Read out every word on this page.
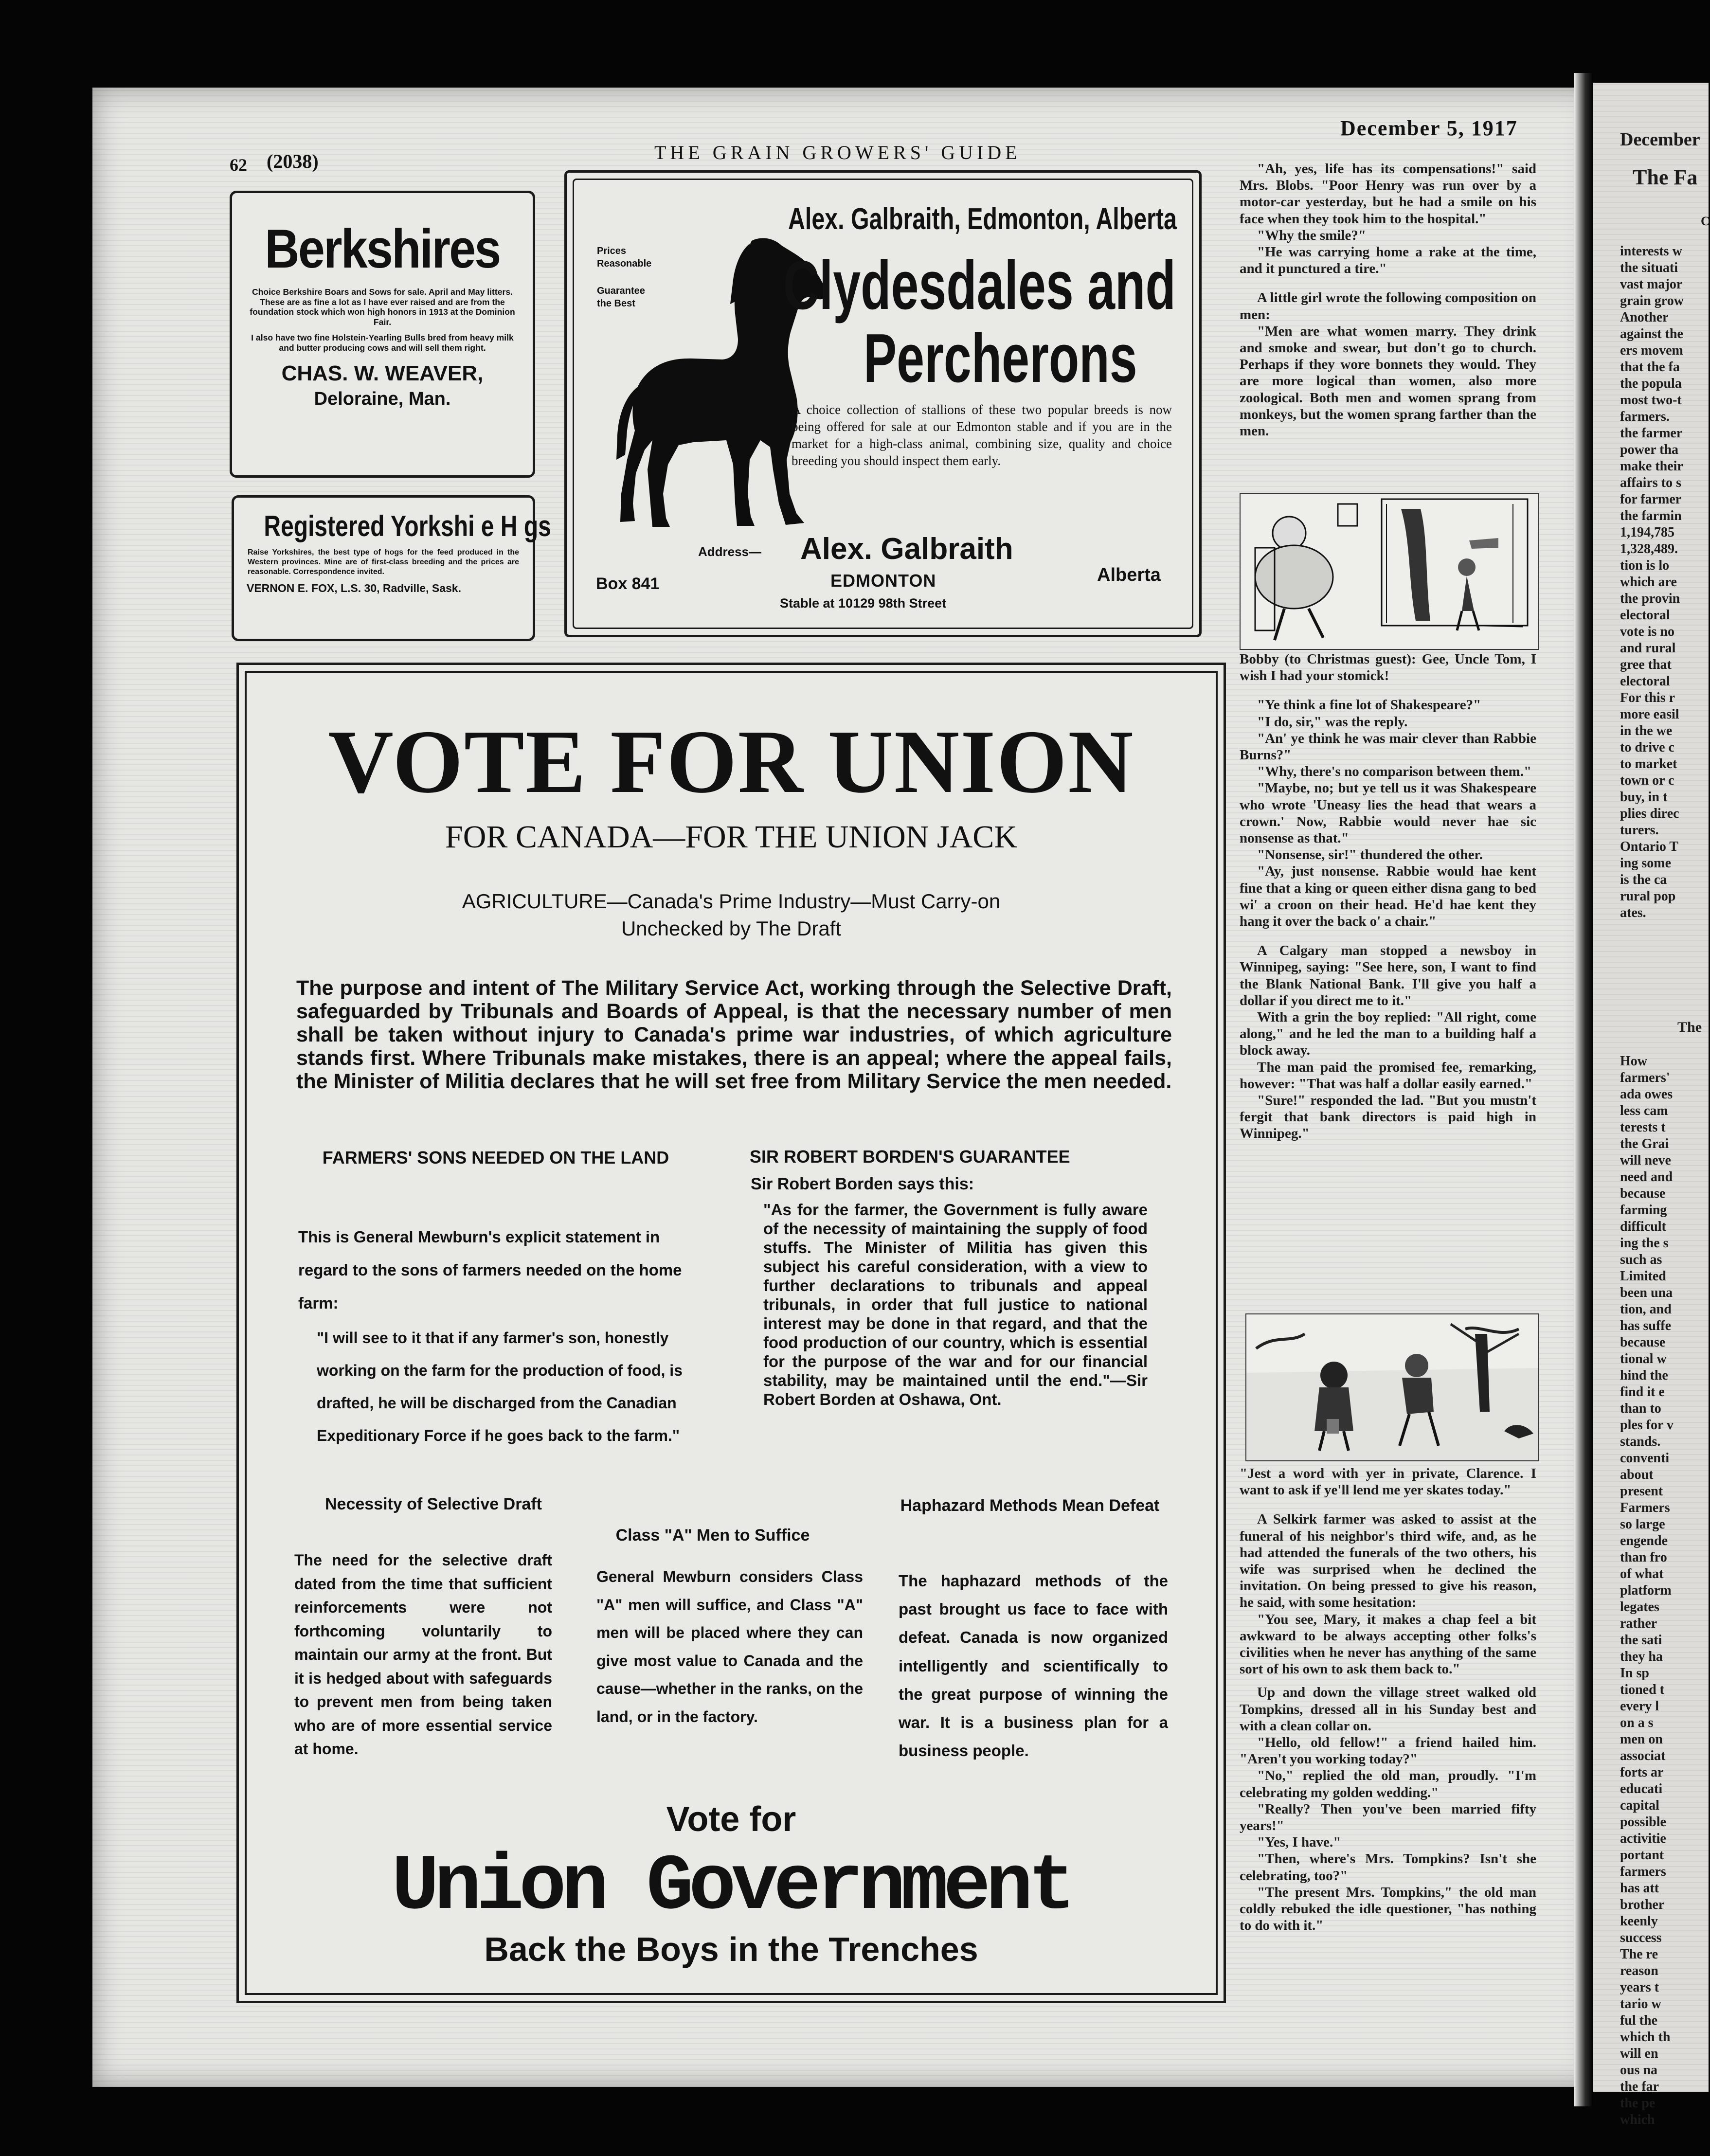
December
The Fa
C
interests w
the situati
vast major
grain grow
Another
against the
ers movem
that the fa
the popula
most two-t
farmers.
the farmer
power tha
make their
affairs to s
for farmer
the farmin
1,194,785
1,328,489.
tion is lo
which are
the provin
electoral
vote is no
and rural
gree that
electoral
For this r
more easil
in the we
to drive c
to market
town or c
buy, in t
plies direc
turers.
Ontario T
ing some
is the ca
rural pop
ates.
The
How
farmers'
ada owes
less cam
terests t
the Grai
will neve
need and
because
farming
difficult
ing the s
such as
Limited
been una
tion, and
has suffe
because
tional w
hind the
find it e
than to
ples for v
stands.
conventi
about
present
Farmers
so large
engende
than fro
of what
platform
legates
rather
the sati
they ha
In sp
tioned t
every l
on a s
men on
associat
forts ar
educati
capital
possible
activitie
portant
farmers
has att
brother
keenly
success
The re
reason
years t
tario w
ful the
which th
will en
ous na
the far
the pe
which
62 (2038)	THE GRAIN GROWERS' GUIDE
December 5, 1917
Berkshires
Choice Berkshire Boars and Sows for sale. April and May litters. These are as fine a lot as I have ever raised and are from the foundation stock which won high honors in 1913 at the Dominion Fair.
I also have two fine Holstein-Yearling Bulls bred from heavy milk and butter producing cows and will sell them right.
CHAS. W. WEAVER,
Deloraine, Man.
Registered Yorkshi e H gs
Raise Yorkshires, the best type of hogs for the feed produced in the Western provinces. Mine are of first-class breeding and the prices are reasonable. Correspondence invited.
VERNON E. FOX, L.S. 30, Radville, Sask.
Prices Reasonable
Guarantee the Best
Alex. Galbraith, Edmonton, Alberta
Clydesdales and
Percherons
A choice collection of stallions of these two popular breeds is now being offered for sale at our Edmonton stable and if you are in the market for a high-class animal, combining size, quality and choice breeding you should inspect them early.
Address— Alex. Galbraith
Box 841	EDMONTON	Alberta
Stable at 10129 98th Street
VOTE FOR UNION
FOR CANADA—FOR THE UNION JACK
AGRICULTURE—Canada's Prime Industry—Must Carry-on
Unchecked by The Draft
The purpose and intent of The Military Service Act, working through the Selective Draft, safeguarded by Tribunals and Boards of Appeal, is that the necessary number of men shall be taken without injury to Canada's prime war industries, of which agriculture stands first. Where Tribunals make mistakes, there is an appeal; where the appeal fails, the Minister of Militia declares that he will set free from Military Service the men needed.
FARMERS' SONS NEEDED ON THE LAND
This is General Mewburn's explicit statement in regard to the sons of farmers needed on the home farm:
"I will see to it that if any farmer's son, honestly working on the farm for the production of food, is drafted, he will be discharged from the Canadian Expeditionary Force if he goes back to the farm."
SIR ROBERT BORDEN'S GUARANTEE
Sir Robert Borden says this:
"As for the farmer, the Government is fully aware of the necessity of maintaining the supply of food stuffs. The Minister of Militia has given this subject his careful consideration, with a view to further declarations to tribunals and appeal tribunals, in order that full justice to national interest may be done in that regard, and that the food production of our country, which is essential for the purpose of the war and for our financial stability, may be maintained until the end."—Sir Robert Borden at Oshawa, Ont.
Necessity of Selective Draft
The need for the selective draft dated from the time that sufficient reinforcements were not forthcoming voluntarily to maintain our army at the front. But it is hedged about with safeguards to prevent men from being taken who are of more essential service at home.
Class "A" Men to Suffice
General Mewburn considers Class "A" men will suffice, and Class "A" men will be placed where they can give most value to Canada and the cause—whether in the ranks, on the land, or in the factory.
Haphazard Methods Mean Defeat
The haphazard methods of the past brought us face to face with defeat. Canada is now organized intelligently and scientifically to the great purpose of winning the war. It is a business plan for a business people.
Vote for
Union Government
Back the Boys in the Trenches

"Ah, yes, life has its compensations!" said Mrs. Blobs. "Poor Henry was run over by a motor-car yesterday, but he had a smile on his face when they took him to the hospital."

"Why the smile?"

"He was carrying home a rake at the time, and it punctured a tire."

A little girl wrote the following composition on men:

"Men are what women marry. They drink and smoke and swear, but don't go to church. Perhaps if they wore bonnets they would. They are more logical than women, also more zoological. Both men and women sprang from monkeys, but the women sprang farther than the men.

Bobby (to Christmas guest): Gee, Uncle Tom, I wish I had your stomick!

"Ye think a fine lot of Shakespeare?"

"I do, sir," was the reply.

"An' ye think he was mair clever than Rabbie Burns?"

"Why, there's no comparison between them."

"Maybe, no; but ye tell us it was Shakespeare who wrote 'Uneasy lies the head that wears a crown.' Now, Rabbie would never hae sic nonsense as that."

"Nonsense, sir!" thundered the other.

"Ay, just nonsense. Rabbie would hae kent fine that a king or queen either disna gang to bed wi' a croon on their head. He'd hae kent they hang it over the back o' a chair."

A Calgary man stopped a newsboy in Winnipeg, saying: "See here, son, I want to find the Blank National Bank. I'll give you half a dollar if you direct me to it."

With a grin the boy replied: "All right, come along," and he led the man to a building half a block away.

The man paid the promised fee, remarking, however: "That was half a dollar easily earned."

"Sure!" responded the lad. "But you mustn't fergit that bank directors is paid high in Winnipeg."

"Jest a word with yer in private, Clarence. I want to ask if ye'll lend me yer skates today."

A Selkirk farmer was asked to assist at the funeral of his neighbor's third wife, and, as he had attended the funerals of the two others, his wife was surprised when he declined the invitation. On being pressed to give his reason, he said, with some hesitation:

"You see, Mary, it makes a chap feel a bit awkward to be always accepting other folks's civilities when he never has anything of the same sort of his own to ask them back to."

Up and down the village street walked old Tompkins, dressed all in his Sunday best and with a clean collar on.

"Hello, old fellow!" a friend hailed him. "Aren't you working today?"

"No," replied the old man, proudly. "I'm celebrating my golden wedding."

"Really? Then you've been married fifty years!"

"Yes, I have."

"Then, where's Mrs. Tompkins? Isn't she celebrating, too?"

"The present Mrs. Tompkins," the old man coldly rebuked the idle questioner, "has nothing to do with it."
